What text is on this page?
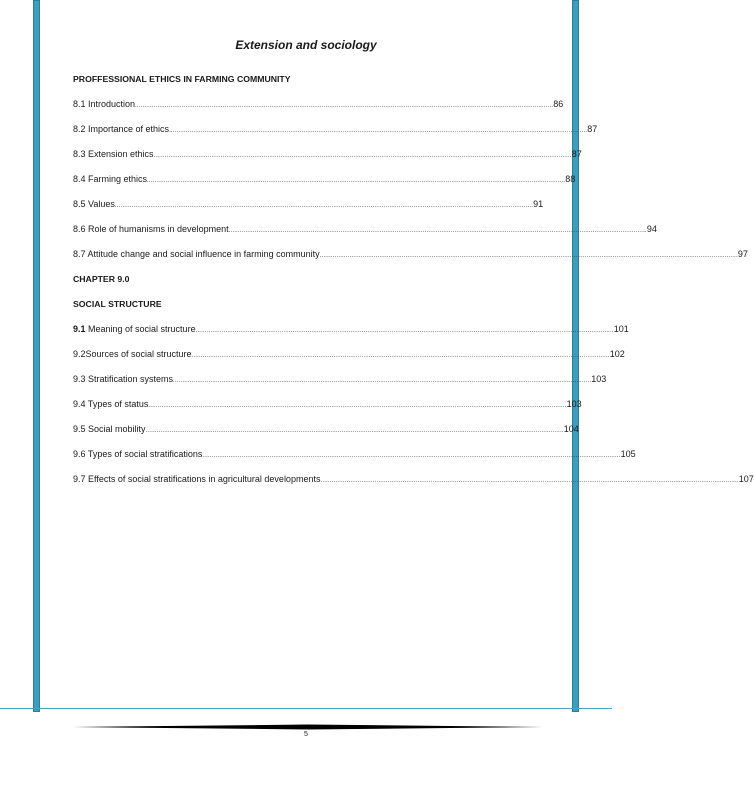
Extension and sociology
PROFFESSIONAL ETHICS IN FARMING COMMUNITY
8.1 Introduction ................................................................................................................................................................................................................................ 86
8.2 Importance of ethics ................................................................................................................................................................................................................................ 87
8.3 Extension ethics ................................................................................................................................................................................................................................ 87
8.4 Farming ethics ................................................................................................................................................................................................................................ 88
8.5 Values ................................................................................................................................................................................................................................ 91
8.6 Role of humanisms in development ................................................................................................................................................................................................................................ 94
8.7 Attitude change and social influence in farming community ................................................................................................................................................................................................................................ 97
CHAPTER 9.0
SOCIAL STRUCTURE
9.1 Meaning of social structure ................................................................................................................................................................................................................................ 101
9.2Sources of social structure ................................................................................................................................................................................................................................ 102
9.3 Stratification systems ................................................................................................................................................................................................................................ 103
9.4 Types of status ................................................................................................................................................................................................................................ 103
9.5 Social mobility ................................................................................................................................................................................................................................ 104
9.6 Types of social stratifications ................................................................................................................................................................................................................................ 105
9.7 Effects of social stratifications in agricultural developments ................................................................................................................................................................................................................................ 107
5
